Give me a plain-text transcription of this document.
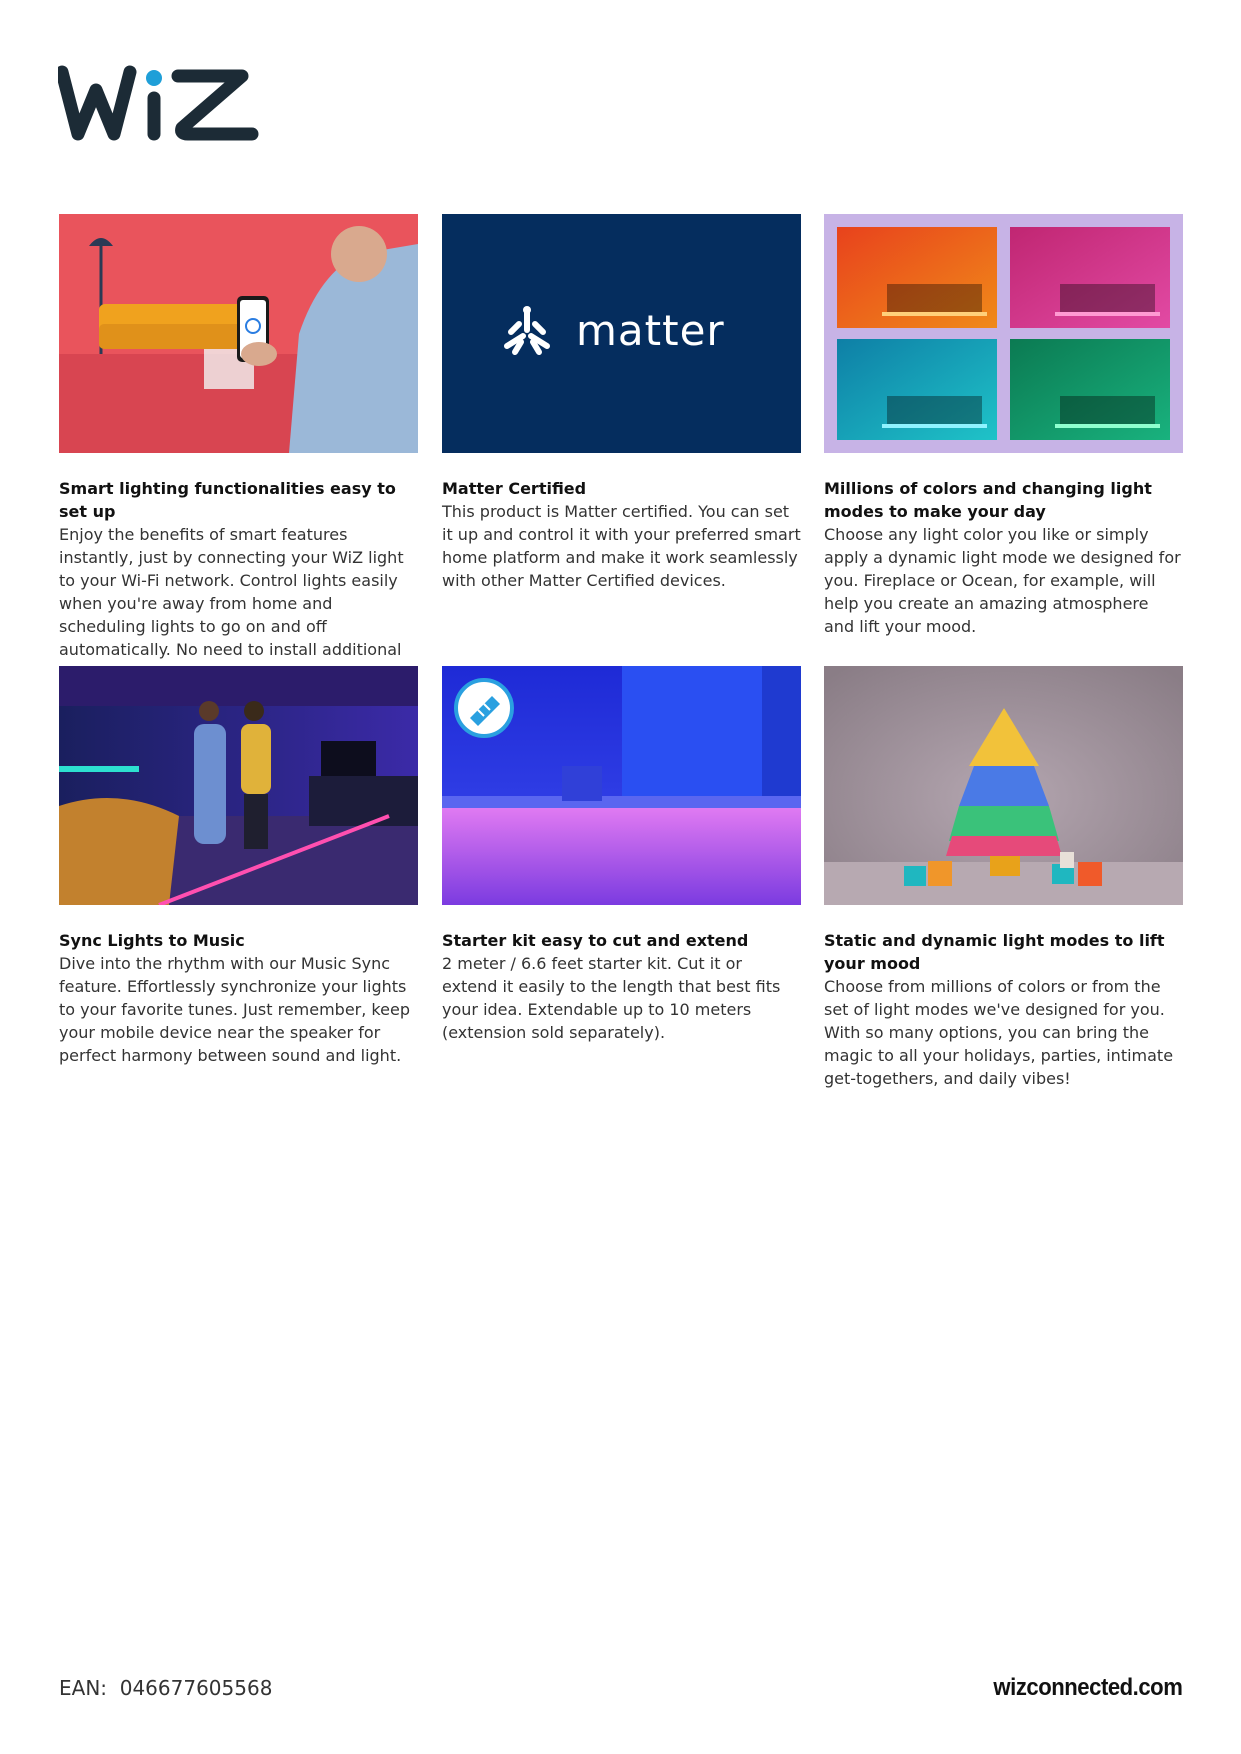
Smart lighting functionalities easy to set up
Enjoy the benefits of smart features instantly, just by connecting your WiZ light to your Wi-Fi network. Control lights easily when you're away from home and scheduling lights to go on and off automatically. No need to install additional
matter
Matter Certified
This product is Matter certified. You can set it up and control it with your preferred smart home platform and make it work seamlessly with other Matter Certified devices.
Millions of colors and changing light modes to make your day
Choose any light color you like or simply apply a dynamic light mode we designed for you. Fireplace or Ocean, for example, will help you create an amazing atmosphere and lift your mood.
Sync Lights to Music
Dive into the rhythm with our Music Sync feature. Effortlessly synchronize your lights to your favorite tunes. Just remember, keep your mobile device near the speaker for perfect harmony between sound and light.
Starter kit easy to cut and extend
2 meter / 6.6 feet starter kit. Cut it or extend it easily to the length that best fits your idea. Extendable up to 10 meters (extension sold separately).
Static and dynamic light modes to lift your mood
Choose from millions of colors or from the set of light modes we've designed for you. With so many options, you can bring the magic to all your holidays, parties, intimate get-togethers, and daily vibes!
EAN:  046677605568	wizconnected.com
